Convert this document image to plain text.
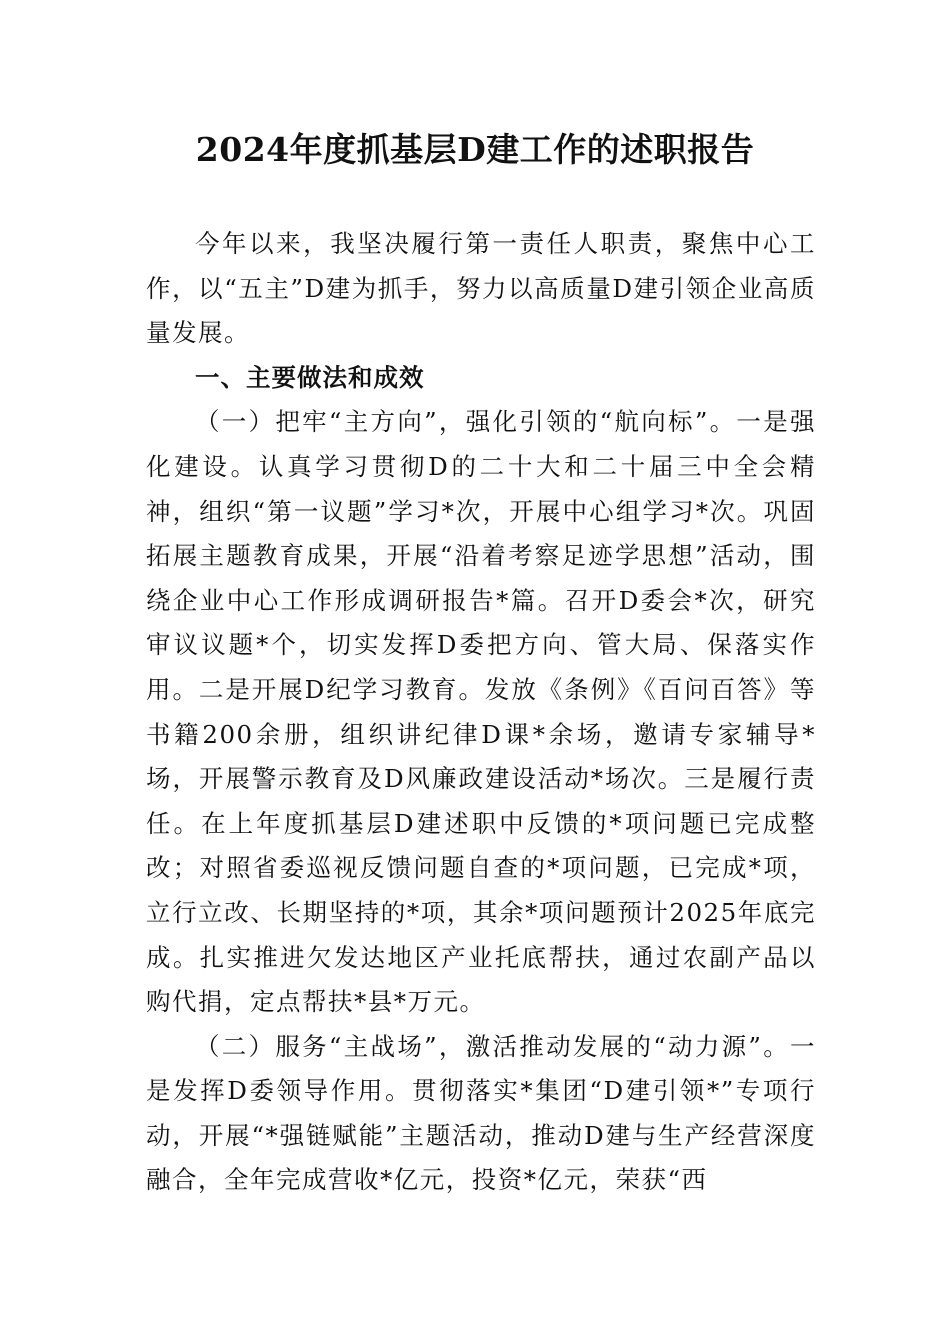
2024年度抓基层D建工作的述职报告

今年以来，我坚决履行第一责任人职责，聚焦中心工作，以“五主”D建为抓手，努力以高质量D建引领企业高质量发展。

一、主要做法和成效

（一）把牢“主方向”，强化引领的“航向标”。一是强化建设。认真学习贯彻D的二十大和二十届三中全会精神，组织“第一议题”学习*次，开展中心组学习*次。巩固拓展主题教育成果，开展“沿着考察足迹学思想”活动，围绕企业中心工作形成调研报告*篇。召开D委会*次，研究审议议题*个，切实发挥D委把方向、管大局、保落实作用。二是开展D纪学习教育。发放《条例》《百问百答》等书籍200余册，组织讲纪律D课*余场，邀请专家辅导*场，开展警示教育及D风廉政建设活动*场次。三是履行责任。在上年度抓基层D建述职中反馈的*项问题已完成整改；对照省委巡视反馈问题自查的*项问题，已完成*项，立行立改、长期坚持的*项，其余*项问题预计2025年底完成。扎实推进欠发达地区产业托底帮扶，通过农副产品以购代捐，定点帮扶*县*万元。

（二）服务“主战场”，激活推动发展的“动力源”。一是发挥D委领导作用。贯彻落实*集团“D建引领*”专项行动，开展“*强链赋能”主题活动，推动D建与生产经营深度融合，全年完成营收*亿元，投资*亿元，荣获“西
